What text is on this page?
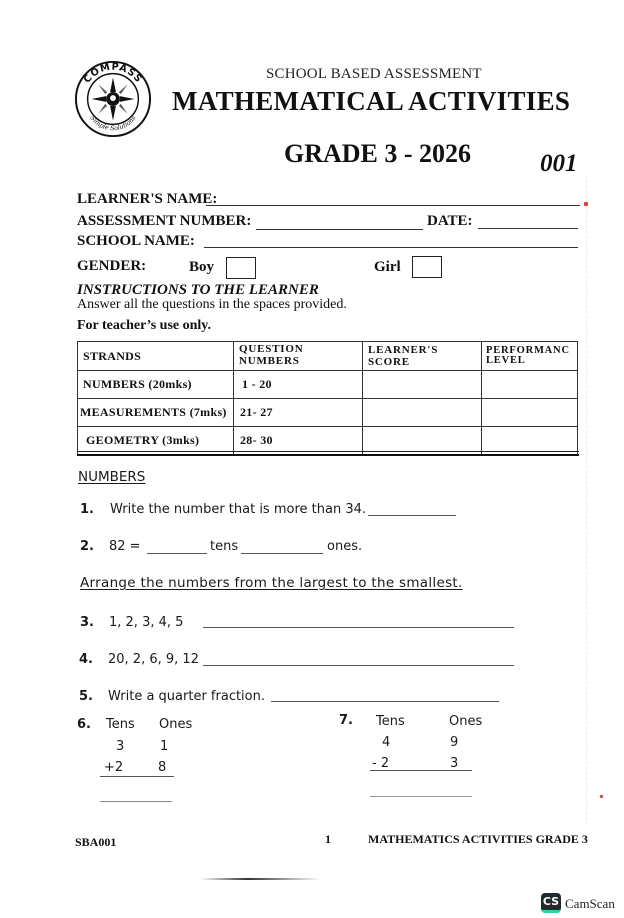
COMPASS
Simple Solutions
SCHOOL BASED ASSESSMENT
MATHEMATICAL ACTIVITIES
GRADE 3 - 2026	001
LEARNER'S NAME:
ASSESSMENT NUMBER:	DATE:
SCHOOL NAME:
GENDER:	Boy	Girl
INSTRUCTIONS TO THE LEARNER
Answer all the questions in the spaces provided.
For teacher’s use only.
STRANDS	QUESTION NUMBERS	LEARNER'S SCORE	PERFORMANC
LEVEL

NUMBERS (20mks)	1 - 20		
MEASUREMENTS (7mks)	21- 27		
GEOMETRY (3mks)	28- 30		
NUMBERS
1. Write the number that is more than 34.
2. 82 =	tens	ones.
Arrange the numbers from the largest to the smallest.
3. 1, 2, 3, 4, 5
4. 20, 2, 6, 9, 12
5. Write a quarter fraction.
6. Tens Ones
3	1
+2	8
7. Tens	Ones
4	9
- 2	3
SBA001	1	MATHEMATICS ACTIVITIES GRADE 3
CS CamScan
